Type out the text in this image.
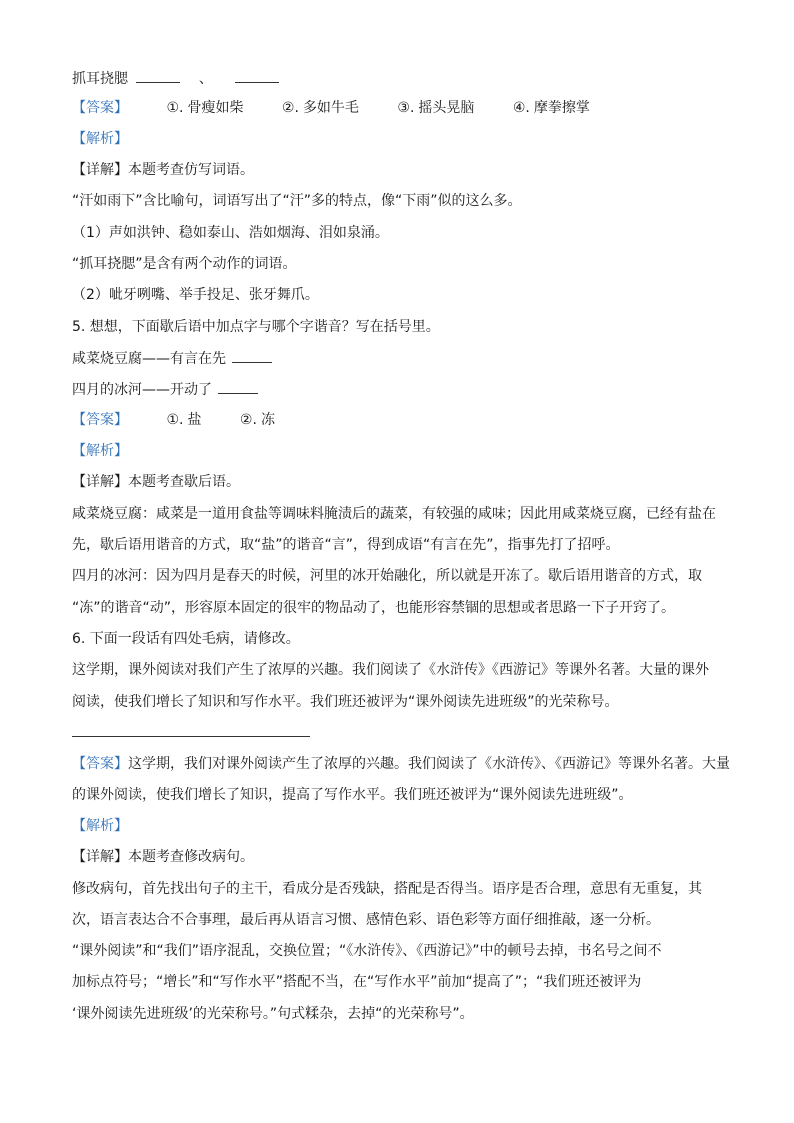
抓耳挠腮	、
【答案】	①. 骨瘦如柴	②. 多如牛毛	③. 摇头晃脑	④. 摩拳擦掌
【解析】
【详解】本题考查仿写词语。
“汗如雨下”含比喻句，词语写出了“汗”多的特点，像“下雨”似的这么多。
（1）声如洪钟、稳如泰山、浩如烟海、泪如泉涌。
“抓耳挠腮”是含有两个动作的词语。
（2）呲牙咧嘴、举手投足、张牙舞爪。
5. 想想，下面歇后语中加点字与哪个字谐音？写在括号里。
咸菜烧豆腐——有言在先
四月的冰河——开动了
【答案】	①. 盐	②. 冻
【解析】
【详解】本题考查歇后语。
咸菜烧豆腐：咸菜是一道用食盐等调味料腌渍后的蔬菜，有较强的咸味；因此用咸菜烧豆腐，已经有盐在
先，歇后语用谐音的方式，取“盐”的谐音“言”，得到成语“有言在先”，指事先打了招呼。
四月的冰河：因为四月是春天的时候，河里的冰开始融化，所以就是开冻了。歇后语用谐音的方式，取
“冻”的谐音“动”，形容原本固定的很牢的物品动了，也能形容禁锢的思想或者思路一下子开窍了。
6. 下面一段话有四处毛病，请修改。
这学期，课外阅读对我们产生了浓厚的兴趣。我们阅读了《水浒传》《西游记》等课外名著。大量的课外
阅读，使我们增长了知识和写作水平。我们班还被评为“课外阅读先进班级”的光荣称号。
【答案】这学期，我们对课外阅读产生了浓厚的兴趣。我们阅读了《水浒传》、《西游记》等课外名著。大量
的课外阅读，使我们增长了知识，提高了写作水平。我们班还被评为“课外阅读先进班级”。
【解析】
【详解】本题考查修改病句。
修改病句，首先找出句子的主干，看成分是否残缺，搭配是否得当。语序是否合理，意思有无重复，其
次，语言表达合不合事理，最后再从语言习惯、感情色彩、语色彩等方面仔细推敲，逐一分析。
“课外阅读”和“我们”语序混乱，交换位置；“《水浒传》、《西游记》”中的顿号去掉，书名号之间不
加标点符号；“增长”和“写作水平”搭配不当，在“写作水平”前加“提高了”；“我们班还被评为
‘课外阅读先进班级’的光荣称号。”句式糅杂，去掉“的光荣称号”。
